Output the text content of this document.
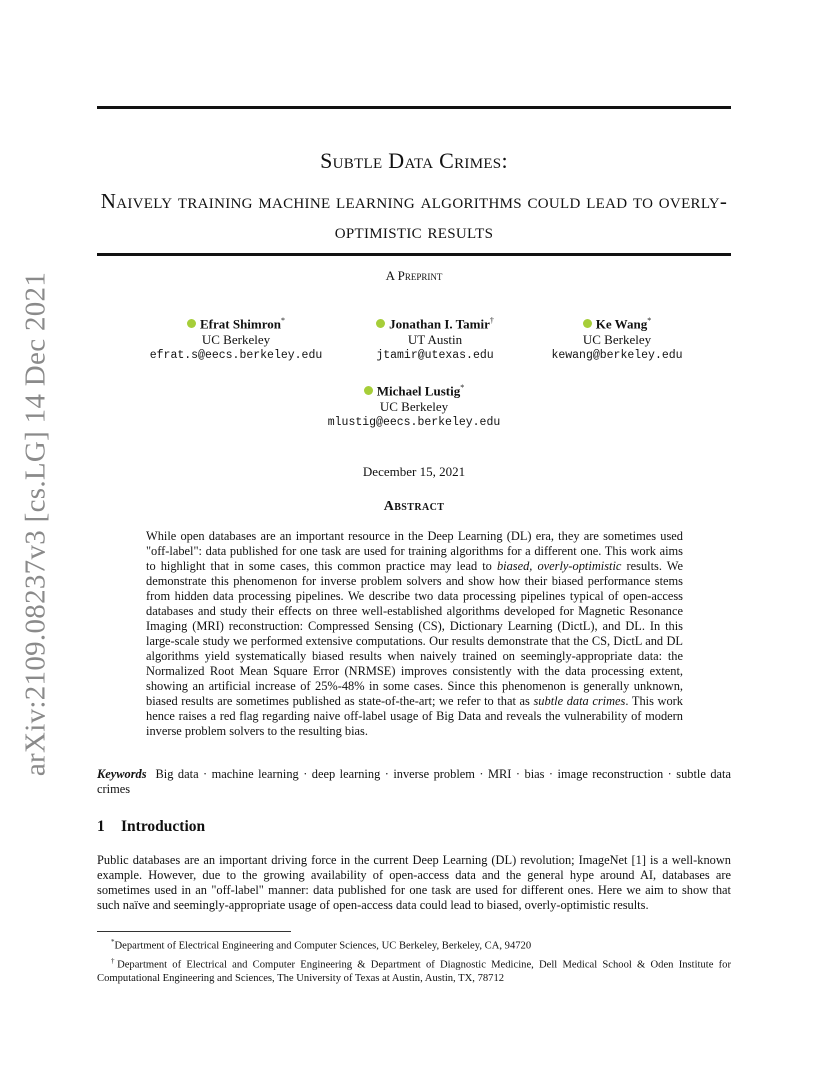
arXiv:2109.08237v3 [cs.LG] 14 Dec 2021
Subtle Data Crimes:
Naively training machine learning algorithms could lead to overly-optimistic results
A Preprint
Efrat Shimron*
UC Berkeley
efrat.s@eecs.berkeley.edu
Jonathan I. Tamir†
UT Austin
jtamir@utexas.edu
Ke Wang*
UC Berkeley
kewang@berkeley.edu
Michael Lustig*
UC Berkeley
mlustig@eecs.berkeley.edu
December 15, 2021
Abstract
While open databases are an important resource in the Deep Learning (DL) era, they are sometimes used "off-label": data published for one task are used for training algorithms for a different one. This work aims to highlight that in some cases, this common practice may lead to biased, overly-optimistic results. We demonstrate this phenomenon for inverse problem solvers and show how their biased performance stems from hidden data processing pipelines. We describe two data processing pipelines typical of open-access databases and study their effects on three well-established algorithms developed for Magnetic Resonance Imaging (MRI) reconstruction: Compressed Sensing (CS), Dictionary Learning (DictL), and DL. In this large-scale study we performed extensive computations. Our results demonstrate that the CS, DictL and DL algorithms yield systematically biased results when naively trained on seemingly-appropriate data: the Normalized Root Mean Square Error (NRMSE) improves consistently with the data processing extent, showing an artificial increase of 25%-48% in some cases. Since this phenomenon is generally unknown, biased results are sometimes published as state-of-the-art; we refer to that as subtle data crimes. This work hence raises a red flag regarding naive off-label usage of Big Data and reveals the vulnerability of modern inverse problem solvers to the resulting bias.
Keywords Big data · machine learning · deep learning · inverse problem · MRI · bias · image reconstruction · subtle data crimes
1 Introduction
Public databases are an important driving force in the current Deep Learning (DL) revolution; ImageNet [1] is a well-known example. However, due to the growing availability of open-access data and the general hype around AI, databases are sometimes used in an "off-label" manner: data published for one task are used for different ones. Here we aim to show that such naïve and seemingly-appropriate usage of open-access data could lead to biased, overly-optimistic results.
*Department of Electrical Engineering and Computer Sciences, UC Berkeley, Berkeley, CA, 94720
†Department of Electrical and Computer Engineering & Department of Diagnostic Medicine, Dell Medical School & Oden Institute for Computational Engineering and Sciences, The University of Texas at Austin, Austin, TX, 78712
